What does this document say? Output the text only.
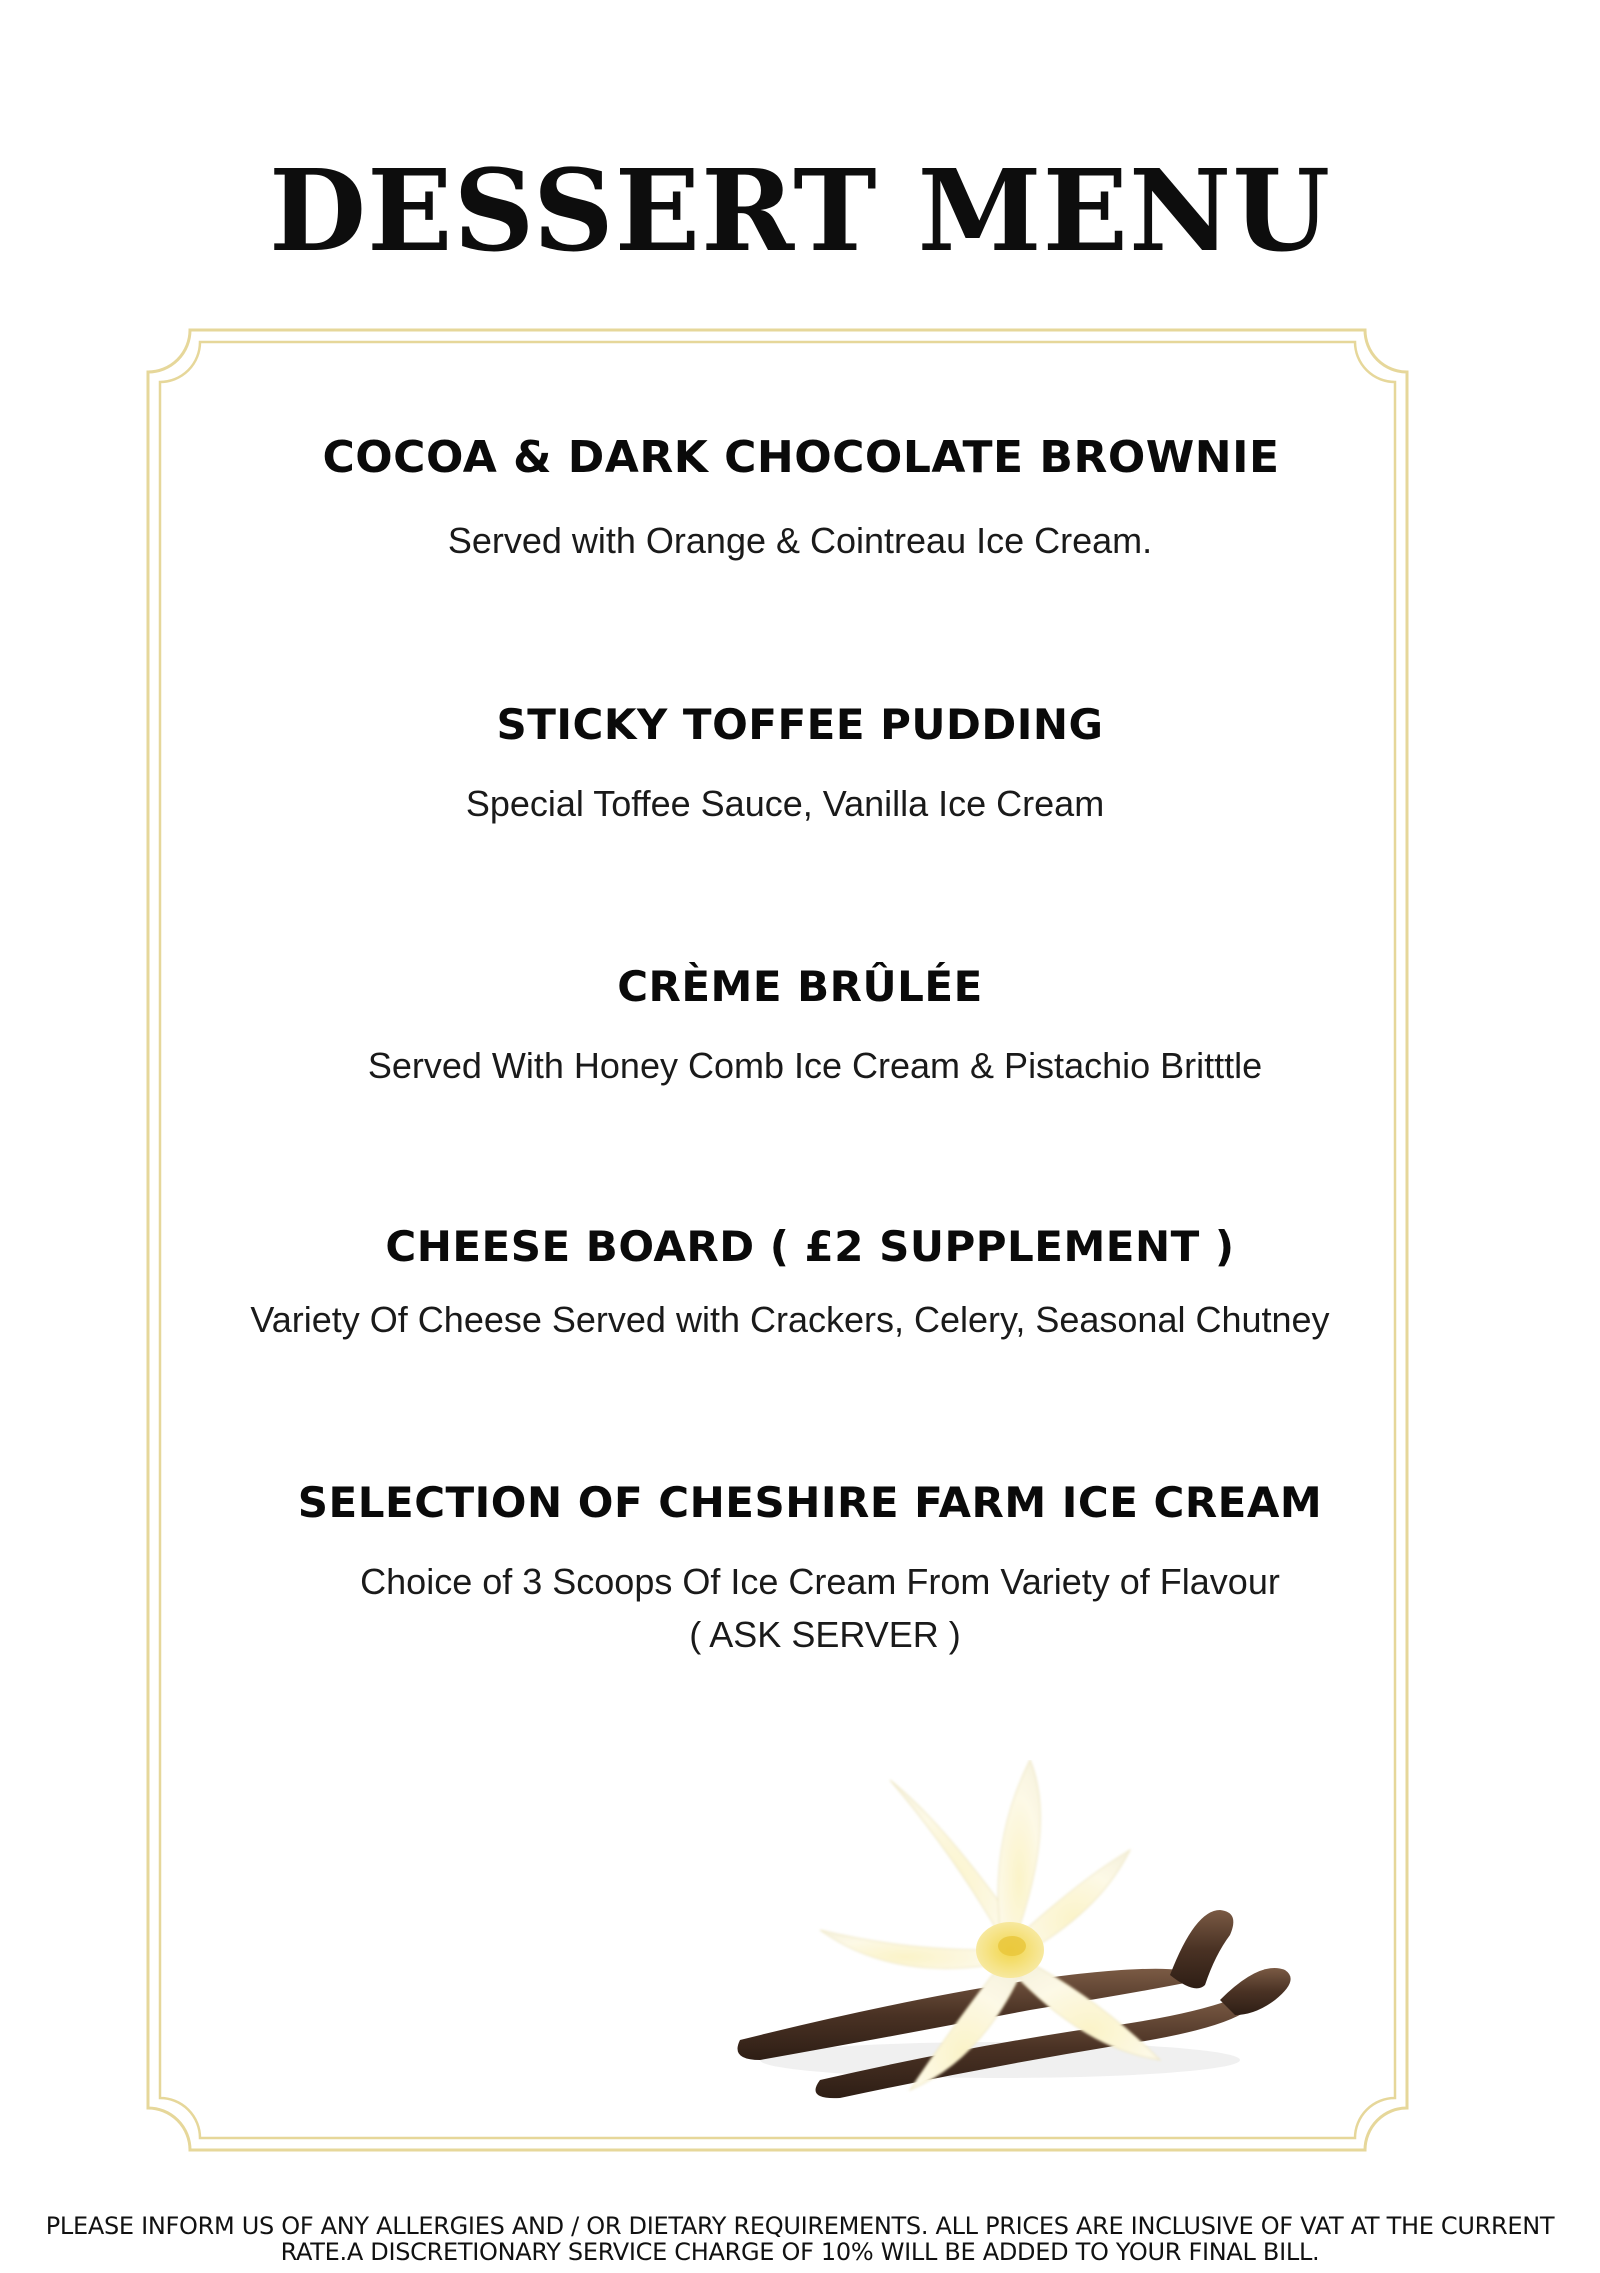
DESSERT MENU
COCOA & DARK CHOCOLATE BROWNIE
Served with Orange & Cointreau Ice Cream.
STICKY TOFFEE PUDDING
Special Toffee Sauce, Vanilla Ice Cream
CRÈME BRÛLÉE
Served With Honey Comb Ice Cream & Pistachio Britttle
CHEESE BOARD ( £2 SUPPLEMENT )
Variety Of Cheese Served with Crackers, Celery, Seasonal Chutney
SELECTION OF CHESHIRE FARM ICE CREAM
Choice of 3 Scoops Of Ice Cream From Variety of Flavour
( ASK SERVER )
PLEASE INFORM US OF ANY ALLERGIES AND / OR DIETARY REQUIREMENTS. ALL PRICES ARE INCLUSIVE OF VAT AT THE CURRENT
RATE.A DISCRETIONARY SERVICE CHARGE OF 10% WILL BE ADDED TO YOUR FINAL BILL.
